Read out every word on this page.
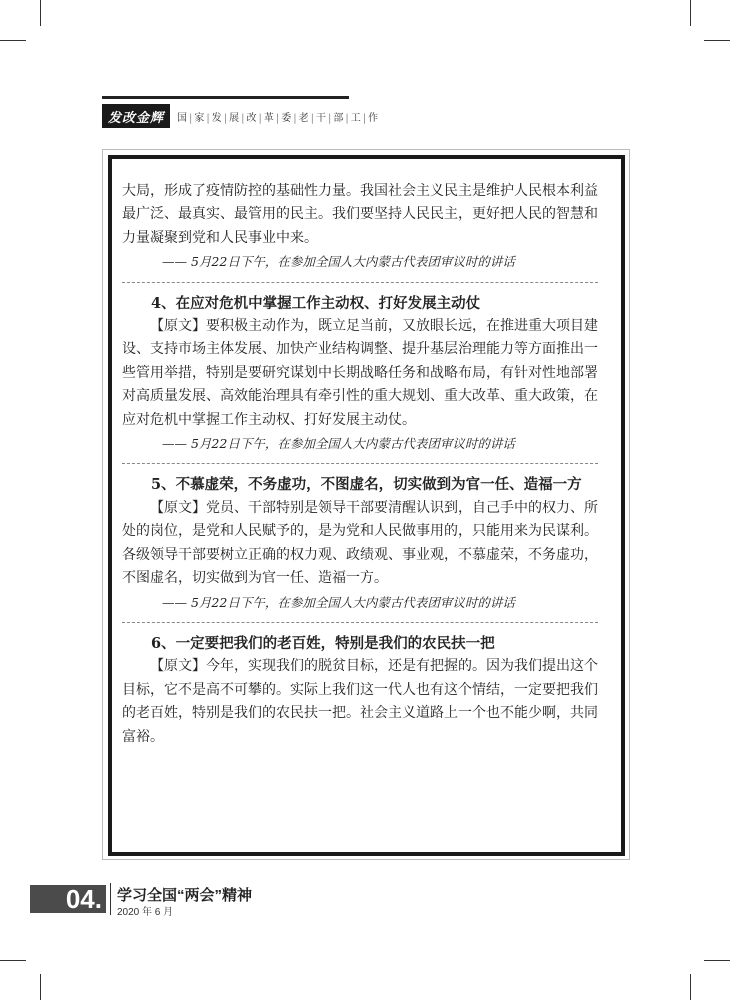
发改金辉	国 | 家 | 发 | 展 | 改 | 革 | 委 | 老 | 干 | 部 | 工 | 作

大局，形成了疫情防控的基础性力量。我国社会主义民主是维护人民根本利益最广泛、最真实、最管用的民主。我们要坚持人民民主，更好把人民的智慧和力量凝聚到党和人民事业中来。

—— 5月22日下午，在参加全国人大内蒙古代表团审议时的讲话

4、在应对危机中掌握工作主动权、打好发展主动仗

【原文】要积极主动作为，既立足当前，又放眼长远，在推进重大项目建设、支持市场主体发展、加快产业结构调整、提升基层治理能力等方面推出一些管用举措，特别是要研究谋划中长期战略任务和战略布局，有针对性地部署对高质量发展、高效能治理具有牵引性的重大规划、重大改革、重大政策，在应对危机中掌握工作主动权、打好发展主动仗。

—— 5月22日下午，在参加全国人大内蒙古代表团审议时的讲话

5、不慕虚荣，不务虚功，不图虚名，切实做到为官一任、造福一方

【原文】党员、干部特别是领导干部要清醒认识到，自己手中的权力、所处的岗位，是党和人民赋予的，是为党和人民做事用的，只能用来为民谋利。各级领导干部要树立正确的权力观、政绩观、事业观，不慕虚荣，不务虚功，不图虚名，切实做到为官一任、造福一方。

—— 5月22日下午，在参加全国人大内蒙古代表团审议时的讲话

6、一定要把我们的老百姓，特别是我们的农民扶一把

【原文】今年，实现我们的脱贫目标，还是有把握的。因为我们提出这个目标，它不是高不可攀的。实际上我们这一代人也有这个情结，一定要把我们的老百姓，特别是我们的农民扶一把。社会主义道路上一个也不能少啊，共同富裕。

04. 学习全国“两会”精神
2020 年 6 月
